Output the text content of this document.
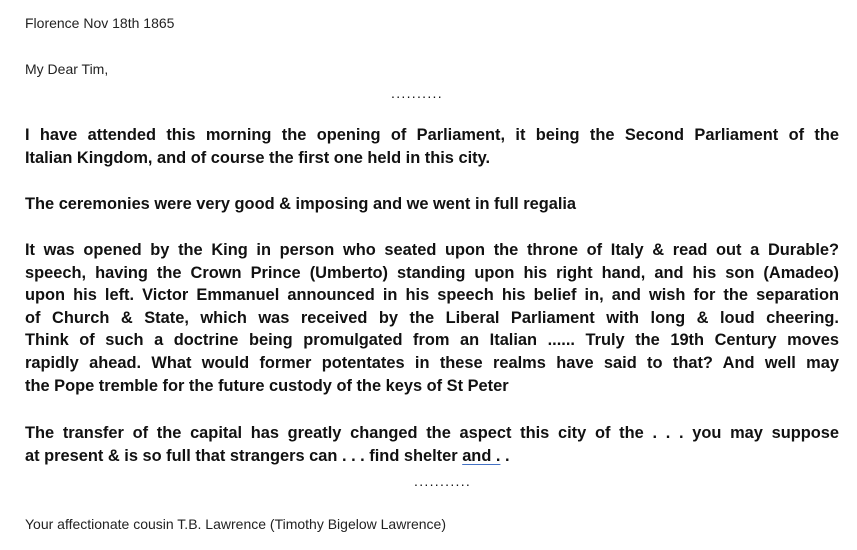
Florence Nov 18th 1865
My Dear Tim,
..........
I have attended this morning the opening of Parliament, it being the Second Parliament of the
Italian Kingdom, and of course the first one held in this city.
The ceremonies were very good & imposing and we went in full regalia
It was opened by the King in person who seated upon the throne of Italy & read out a Durable?
speech, having the Crown Prince (Umberto) standing upon his right hand, and his son (Amadeo)
upon his left. Victor Emmanuel announced in his speech his belief in, and wish for the separation
of Church & State, which was received by the Liberal Parliament with long & loud cheering.
Think of such a doctrine being promulgated from an Italian ...... Truly the 19th Century moves
rapidly ahead. What would former potentates in these realms have said to that? And well may
the Pope tremble for the future custody of the keys of St Peter
The transfer of the capital has greatly changed the aspect this city of the . . . you may suppose
at present & is so full that strangers can . . . find shelter and . .
...........
Your affectionate cousin T.B. Lawrence (Timothy Bigelow Lawrence)
